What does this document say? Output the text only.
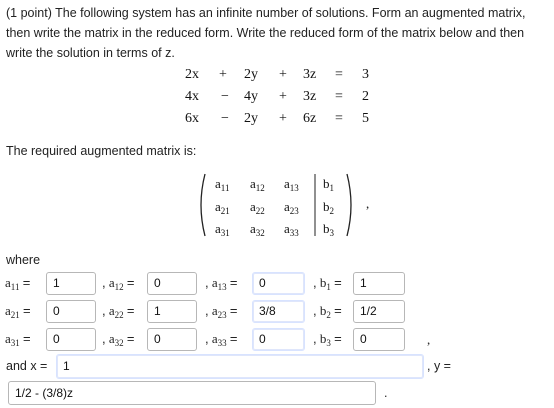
(1 point) The following system has an infinite number of solutions. Form an augmented matrix, then write the matrix in the reduced form. Write the reduced form of the matrix below and then write the solution in terms of z.

2x + 2y + 3z = 3
4x − 4y + 3z = 2
6x − 2y + 6z = 5
The required augmented matrix is:
$a_{11}$ $a_{12}$ $a_{13}$ $b_1$
$a_{21}$ $a_{22}$ $a_{23}$ $b_2$
$a_{31}$ $a_{32}$ $a_{33}$ $b_3$
,
where
$a_{11}$ =	1	, $a_{12}$ =	0	, $a_{13}$ =	0	, $b_1$ =	1
$a_{21}$ =	0	, $a_{22}$ =	1	, $a_{23}$ =	3/8	, $b_2$ =	1/2
$a_{31}$ =	0	, $a_{32}$ =	0	, $a_{33}$ =	0	, $b_3$ =	0	,
and x =	1	, y =
1/2 - (3/8)z	.
